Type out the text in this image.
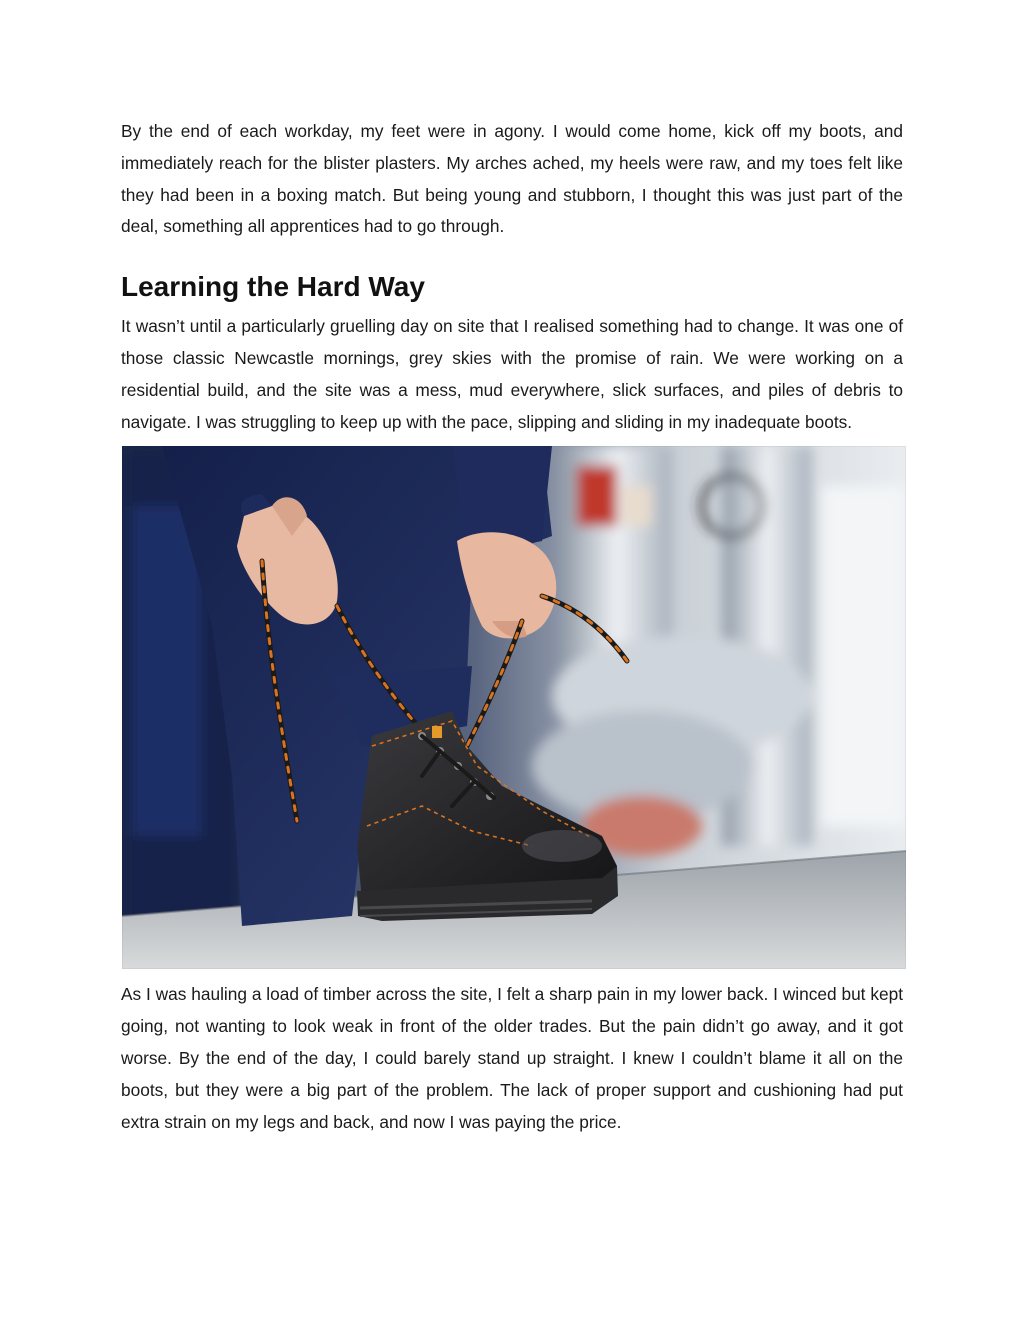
By the end of each workday, my feet were in agony. I would come home, kick off my boots, and immediately reach for the blister plasters. My arches ached, my heels were raw, and my toes felt like they had been in a boxing match. But being young and stubborn, I thought this was just part of the deal, something all apprentices had to go through.

Learning the Hard Way

It wasn’t until a particularly gruelling day on site that I realised something had to change. It was one of those classic Newcastle mornings, grey skies with the promise of rain. We were working on a residential build, and the site was a mess, mud everywhere, slick surfaces, and piles of debris to navigate. I was struggling to keep up with the pace, slipping and sliding in my inadequate boots.

As I was hauling a load of timber across the site, I felt a sharp pain in my lower back. I winced but kept going, not wanting to look weak in front of the older trades. But the pain didn’t go away, and it got worse. By the end of the day, I could barely stand up straight. I knew I couldn’t blame it all on the boots, but they were a big part of the problem. The lack of proper support and cushioning had put extra strain on my legs and back, and now I was paying the price.
